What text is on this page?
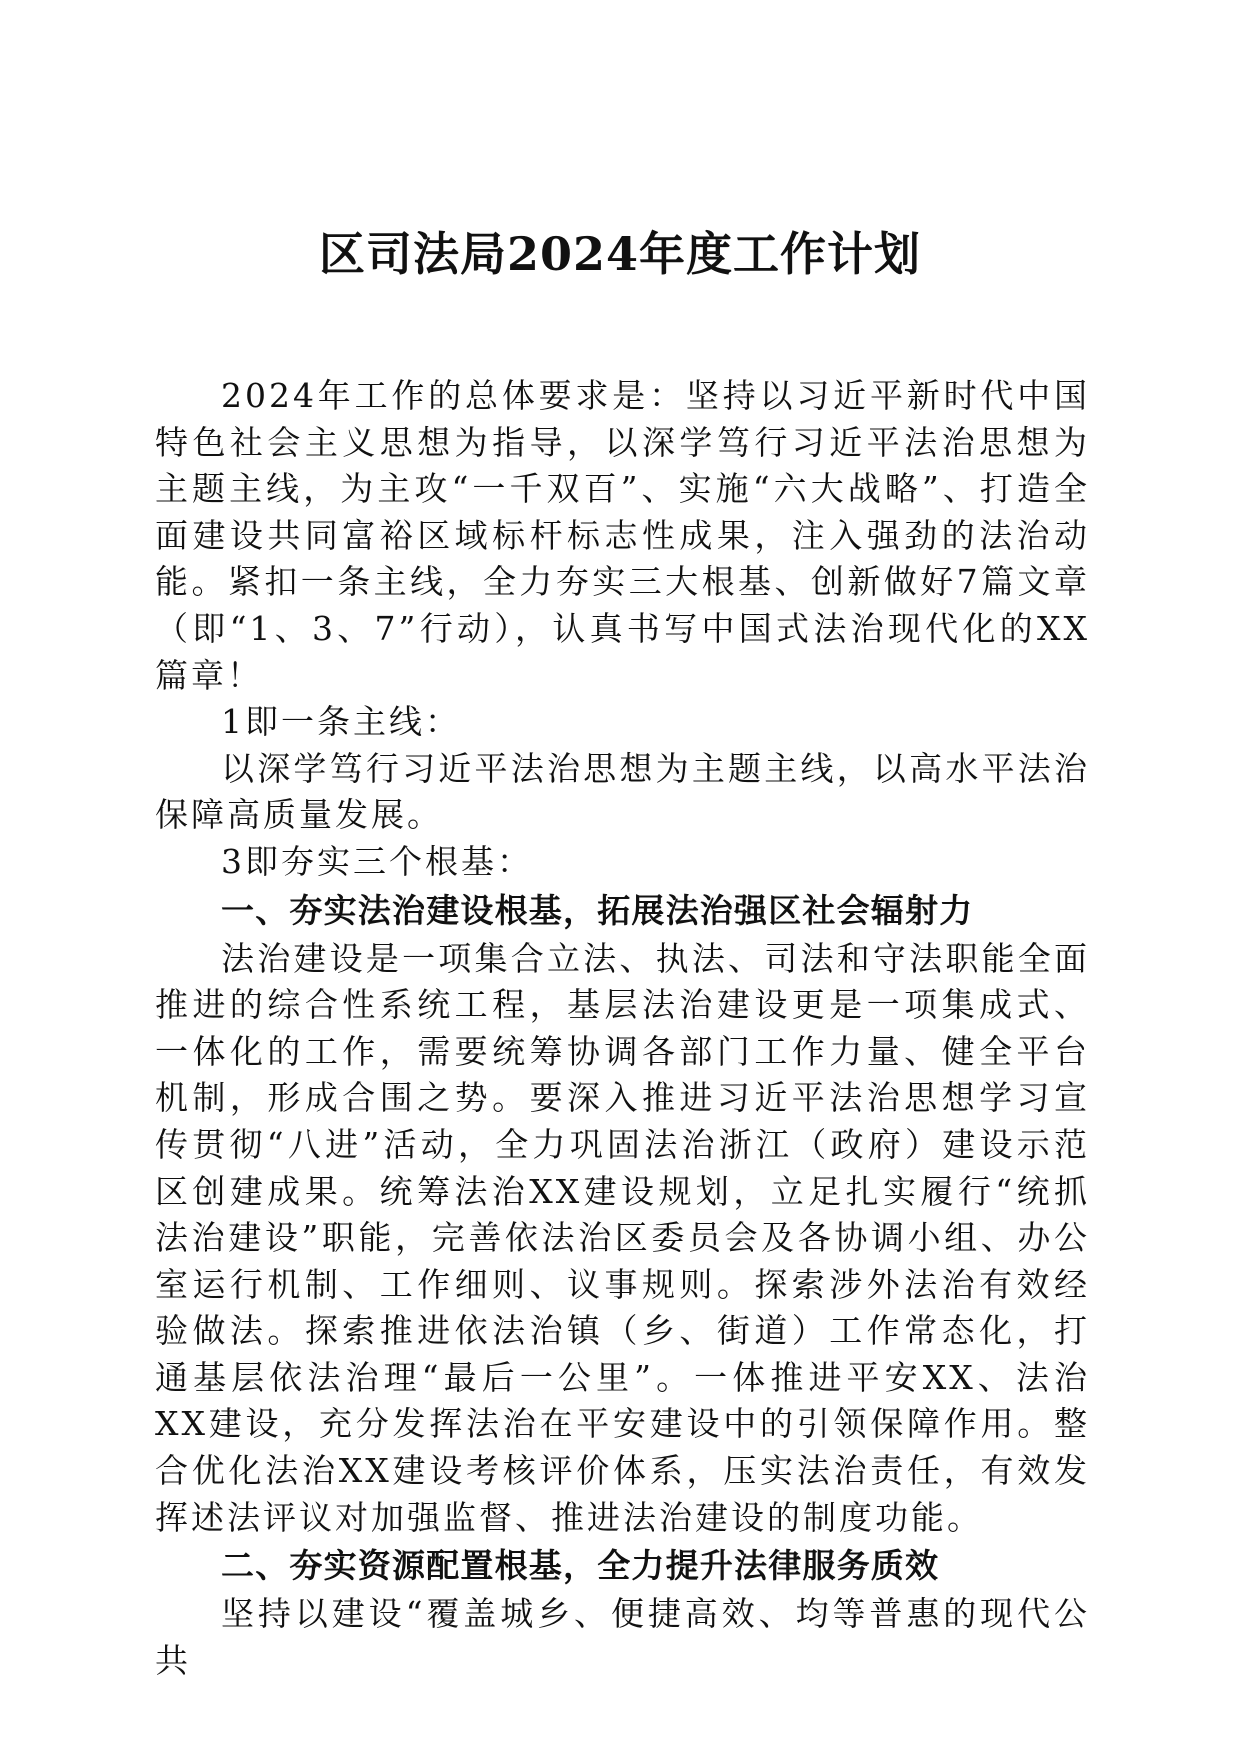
区司法局2024年度工作计划

2024年工作的总体要求是：坚持以习近平新时代中国特色社会主义思想为指导，以深学笃行习近平法治思想为主题主线，为主攻“一千双百”、实施“六大战略”、打造全面建设共同富裕区域标杆标志性成果，注入强劲的法治动能。紧扣一条主线，全力夯实三大根基、创新做好7篇文章（即“1、3、7”行动），认真书写中国式法治现代化的XX篇章！

1即一条主线：

以深学笃行习近平法治思想为主题主线，以高水平法治保障高质量发展。

3即夯实三个根基：

一、夯实法治建设根基，拓展法治强区社会辐射力

法治建设是一项集合立法、执法、司法和守法职能全面推进的综合性系统工程，基层法治建设更是一项集成式、一体化的工作，需要统筹协调各部门工作力量、健全平台机制，形成合围之势。要深入推进习近平法治思想学习宣传贯彻“八进”活动，全力巩固法治浙江（政府）建设示范区创建成果。统筹法治XX建设规划，立足扎实履行“统抓法治建设”职能，完善依法治区委员会及各协调小组、办公室运行机制、工作细则、议事规则。探索涉外法治有效经验做法。探索推进依法治镇（乡、街道）工作常态化，打通基层依法治理“最后一公里”。一体推进平安XX、法治XX建设，充分发挥法治在平安建设中的引领保障作用。整合优化法治XX建设考核评价体系，压实法治责任，有效发挥述法评议对加强监督、推进法治建设的制度功能。

二、夯实资源配置根基，全力提升法律服务质效

坚持以建设“覆盖城乡、便捷高效、均等普惠的现代公共
